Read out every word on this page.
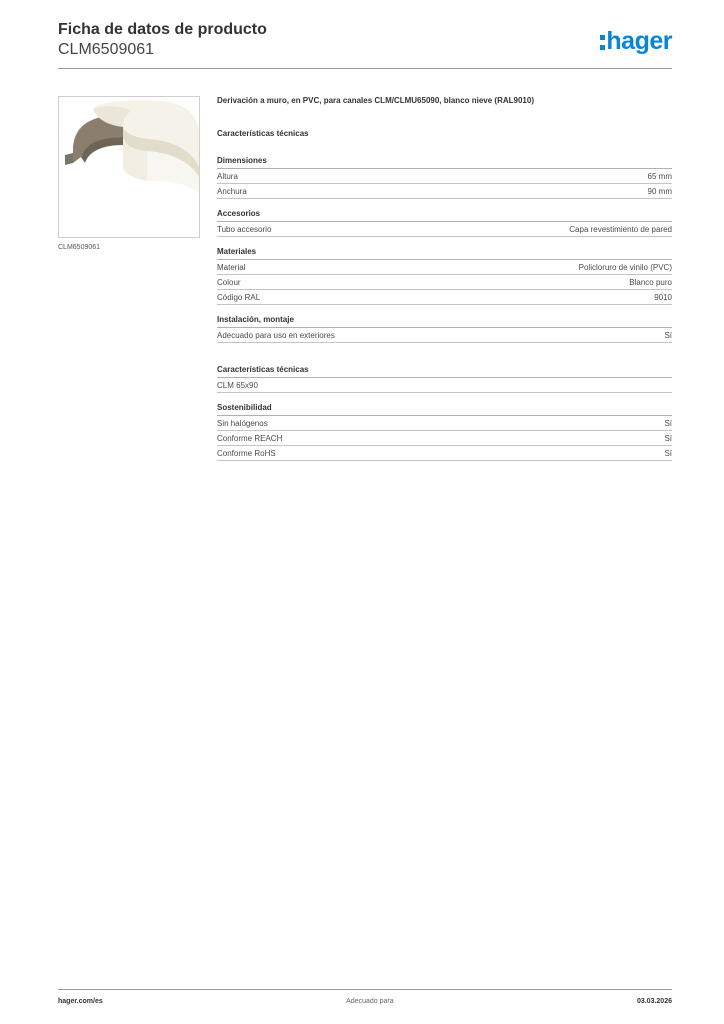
Ficha de datos de producto
CLM6509061	hager
CLM6509061
Derivación a muro, en PVC, para canales CLM/CLMU65090, blanco nieve (RAL9010)
Características técnicas
Dimensiones
Altura	65 mm
Anchura	90 mm
Accesorios
Tubo accesorio	Capa revestimiento de pared
Materiales
Material	Policloruro de vinilo (PVC)
Colour	Blanco puro
Código RAL	9010
Instalación, montaje
Adecuado para uso en exteriores	Sí
Características técnicas
CLM 65x90
Sostenibilidad
Sin halógenos	Sí
Conforme REACH	Sí
Conforme RoHS	Sí
hager.com/es	Adecuado para	03.03.2026
